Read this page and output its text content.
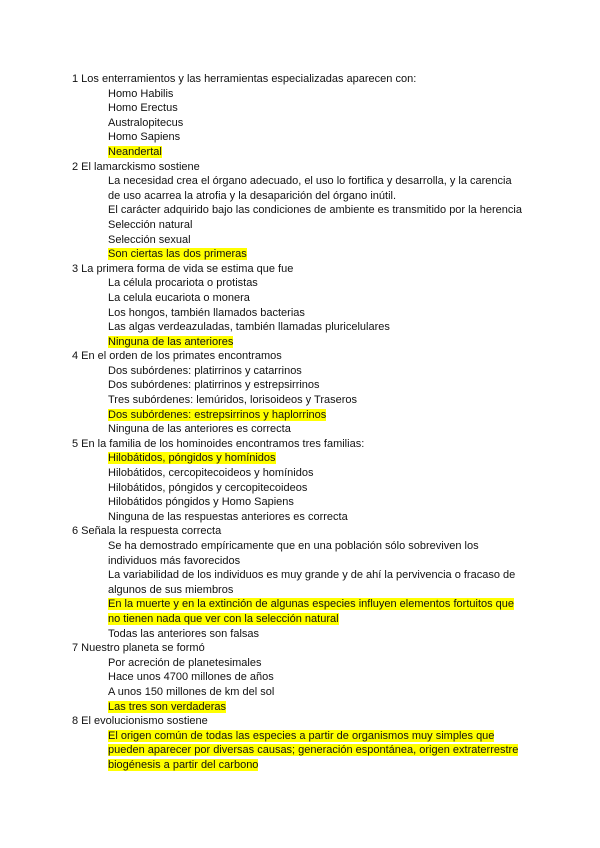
1 Los enterramientos y las herramientas especializadas aparecen con:
Homo Habilis
Homo Erectus
Australopitecus
Homo Sapiens
Neandertal
2 El lamarckismo sostiene
La necesidad crea el órgano adecuado, el uso lo fortifica y desarrolla, y la carencia
de uso acarrea la atrofia y la desaparición del órgano inútil.
El carácter adquirido bajo las condiciones de ambiente es transmitido por la herencia
Selección natural
Selección sexual
Son ciertas las dos primeras
3 La primera forma de vida se estima que fue
La célula procariota o protistas
La celula eucariota o monera
Los hongos, también llamados bacterias
Las algas verdeazuladas, también llamadas pluricelulares
Ninguna de las anteriores
4 En el orden de los primates encontramos
Dos subórdenes: platirrinos y catarrinos
Dos subórdenes: platirrinos y estrepsirrinos
Tres subórdenes: lemúridos, lorisoideos y Traseros
Dos subórdenes: estrepsirrinos y haplorrinos
Ninguna de las anteriores es correcta
5 En la familia de los hominoides encontramos tres familias:
Hilobátidos, póngidos y homínidos
Hilobátidos, cercopitecoideos y homínidos
Hilobátidos, póngidos y cercopitecoideos
Hilobátidos póngidos y Homo Sapiens
Ninguna de las respuestas anteriores es correcta
6 Señala la respuesta correcta
Se ha demostrado empíricamente que en una población sólo sobreviven los
individuos más favorecidos
La variabilidad de los individuos es muy grande y de ahí la pervivencia o fracaso de
algunos de sus miembros
En la muerte y en la extinción de algunas especies influyen elementos fortuitos que
no tienen nada que ver con la selección natural
Todas las anteriores son falsas
7 Nuestro planeta se formó
Por acreción de planetesimales
Hace unos 4700 millones de años
A unos 150 millones de km del sol
Las tres son verdaderas
8 El evolucionismo sostiene
El origen común de todas las especies a partir de organismos muy simples que
pueden aparecer por diversas causas; generación espontánea, origen extraterrestre
biogénesis a partir del carbono
